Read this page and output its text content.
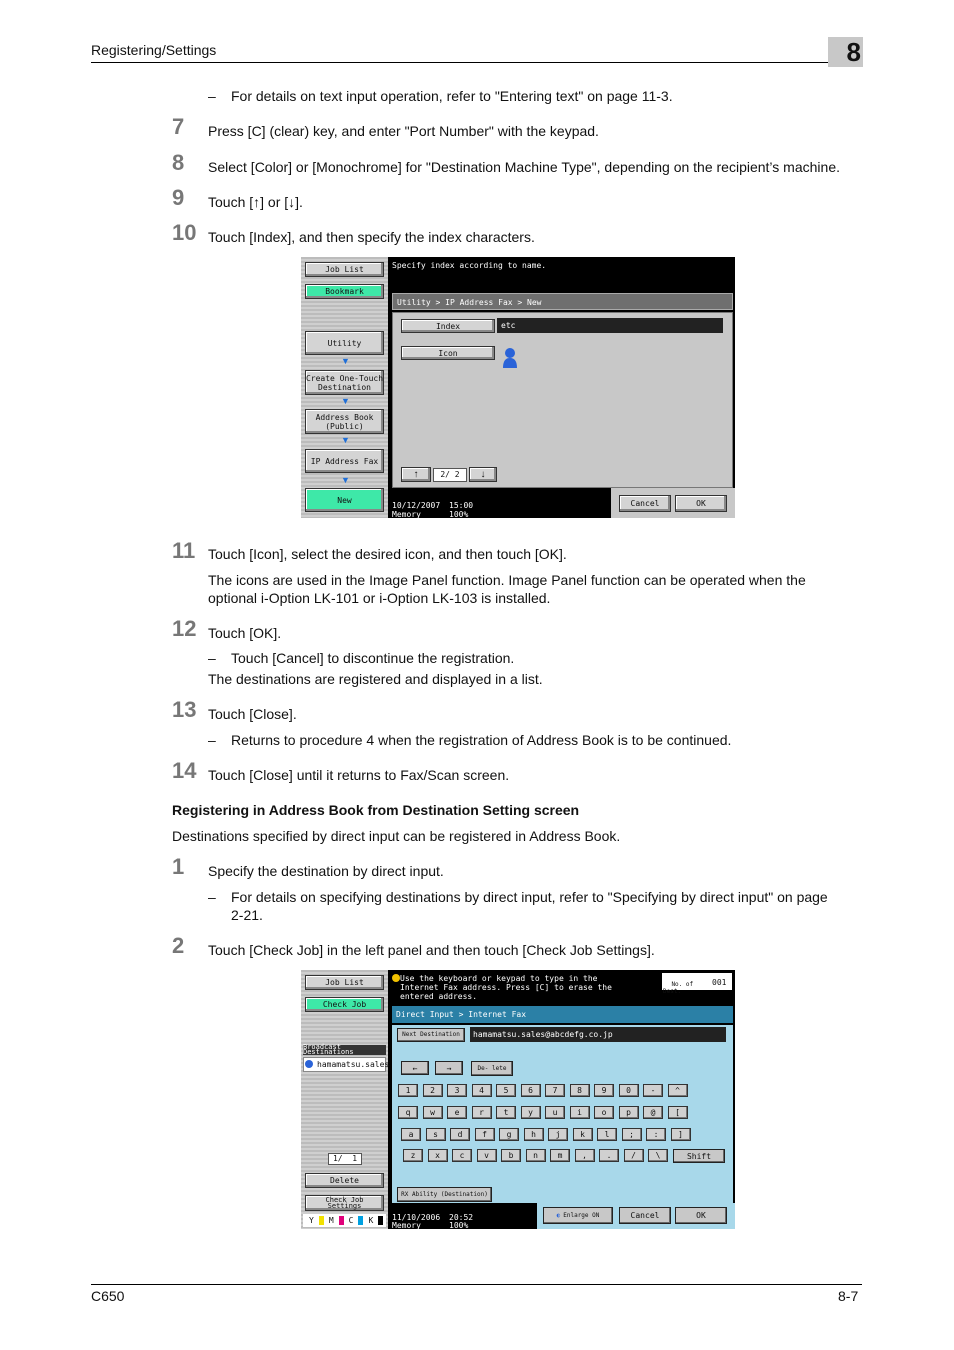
Registering/Settings	8
– For details on text input operation, refer to "Entering text" on page 11-3.
7 Press [C] (clear) key, and enter "Port Number" with the keypad.
8 Select [Color] or [Monochrome] for "Destination Machine Type", depending on the recipient’s machine.
9 Touch [↑] or [↓].
10 Touch [Index], and then specify the index characters.
Job List
Bookmark
Utility
▼
Create One-Touch
Destination
▼
Address Book
(Public)
▼
IP Address Fax
▼
New
Specify index according to name.
Utility > IP Address Fax > New
Index	etc
Icon
↑	2/ 2	↓
Cancel	OK
10/12/2007 15:00
Memory	100%
11 Touch [Icon], select the desired icon, and then touch [OK].
The icons are used in the Image Panel function. Image Panel function can be operated when the optional i-Option LK-101 or i-Option LK-103 is installed.
12 Touch [OK].
– Touch [Cancel] to discontinue the registration.
The destinations are registered and displayed in a list.
13 Touch [Close].
– Returns to procedure 4 when the registration of Address Book is to be continued.
14 Touch [Close] until it returns to Fax/Scan screen.
Registering in Address Book from Destination Setting screen
Destinations specified by direct input can be registered in Address Book.
1 Specify the destination by direct input.
– For details on specifying destinations by direct input, refer to "Specifying by direct input" on page 2-21.
2 Touch [Check Job] in the left panel and then touch [Check Job Settings].
Job List
Check Job
Broadcast
Destinations
hamamatsu.sales
1/  1
Delete
Check Job
Settings
Y M C K
Use the keyboard or keypad to type in the
Internet Fax address. Press [C] to erase the
entered address.

No. of
Dest.

001

Direct Input > Internet Fax
Next Destination	hamamatsu.sales@abcdefg.co.jp
←	→	De- lete
Shift
RX Ability (Destination)
◐ Enlarge ON	Cancel	OK
11/10/2006 20:52
Memory	100%
1	2	3	4	5	6	7	8	9	0	-	^
q	w	e	r	t	y	u	i	o	p	@	[
a	s	d	f	g	h	j	k	l	;	:	]
z	x	c	v	b	n	m	,	.	/	\
C650	8-7
